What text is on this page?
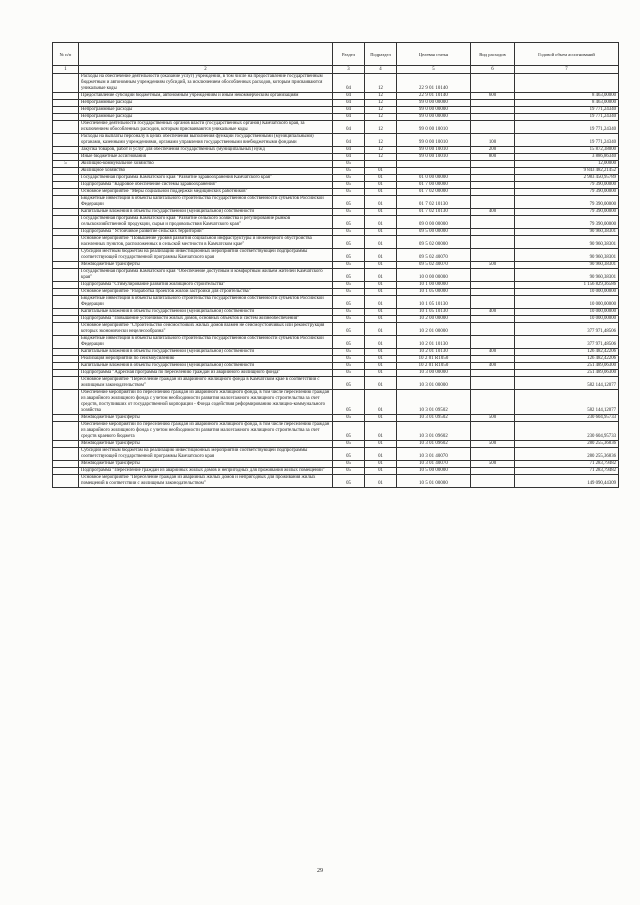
№ п/п		Раздел	Подраздел	Целевая статья	Вид расходов	Годовой объем ассигнований
1	2	3	4	5	6	7
	Расходы на обеспечение деятельности (оказание услуг) учреждений, в том числе на предоставление государственным бюджетным и автономным учреждениям субсидий, за исключением обособленных расходов, которым присваиваются уникальные коды	04	12	22 9 01 10140		
	Предоставление субсидий бюджетным, автономным учреждениям и иным некоммерческим организациям	04	12	22 9 01 10140	600	8 463,00000
	Непрограммные расходы	04	12	99 0 00 00000		8 463,00000
	Непрограммные расходы	04	12	99 0 00 00000		19 771,24340
	Непрограммные расходы	04	12	99 0 00 00000		19 771,24340
	Обеспечение деятельности государственных органов власти (государственных органов) Камчатского края, за исключением обособленных расходов, которым присваиваются уникальные коды	04	12	99 0 00 10010		19 771,24340
	Расходы на выплаты персоналу в целях обеспечения выполнения функций государственными (муниципальными) органами, казенными учреждениями, органами управления государственными внебюджетными фондами	04	12	99 0 00 10010	100	19 771,24340
	Закупка товаров, работ и услуг для обеспечения государственных (муниципальных) нужд	04	12	99 0 00 10010	200	15 872,38000
	Иные бюджетные ассигнования	04	12	99 0 00 10010	800	3 886,86340
5	Жилищно-коммунальное хозяйство	05				12,00000
	Жилищное хозяйство	05	01			9 843 482,21452
	Государственная программа Камчатского края "Развитие здравоохранения Камчатского края"	05	01	01 0 00 00000		2 983 450,95789
	Подпрограмма "Кадровое обеспечение системы здравоохранения"	05	01	01 7 00 00000		79 390,00000
	Основное мероприятие "Меры социальной поддержки медицинских работников"	05	01	01 7 02 00000		79 390,00000
	Бюджетные инвестиции в объекты капитального строительства государственной собственности субъектов Российской Федерации	05	01	01 7 02 10130		79 390,00000
	Капитальные вложения в объекты государственной (муниципальной) собственности	05	01	01 7 02 10130	400	79 390,00000
	Государственная программа Камчатского края "Развитие сельского хозяйства и регулирование рынков сельскохозяйственной продукции, сырья и продовольствия Камчатского края"	05	01	09 0 00 00000		79 390,00000
	Подпрограмма "Устойчивое развитие сельских территорий"	05	01	09 5 00 00000		90 960,38301
	Основное мероприятие "Повышение уровня развития социальной инфраструктуры и инженерного обустройства населенных пунктов, расположенных в сельской местности в Камчатском крае"	05	01	09 5 02 00000		90 960,38301
	Субсидии местным бюджетам на реализацию инвестиционных мероприятий соответствующей подпрограммы соответствующей государственной программы Камчатского края	05	01	09 5 02 40070		90 960,38301
	Межбюджетные трансферты	05	01	09 5 02 40070	500	90 960,38301
	Государственная программа Камчатского края "Обеспечение доступным и комфортным жильем жителей Камчатского края"	05	01	10 0 00 00000		90 960,38301
	Подпрограмма "Стимулирование развития жилищного строительства"	05	01	10 1 00 00000		1 156 829,36586
	Основное мероприятие "Разработка проектов жилой застройки для строительства"	05	01	10 1 05 00000		10 000,00000
	Бюджетные инвестиции в объекты капитального строительства государственной собственности субъектов Российской Федерации	05	01	10 1 05 10130		10 000,00000
	Капитальные вложения в объекты государственной (муниципальной) собственности	05	01	10 1 05 10130	400	10 000,00000
	Подпрограмма "Повышение устойчивости жилых домов, основных объектов и систем жизнеобеспечения"	05	01	10 2 00 00000		10 000,00000
	Основное мероприятие "Строительство сейсмостойких жилых домов взамен не сейсмоустойчивых или реконструкция которых экономически нецелесообразна"	05	01	10 2 01 00000		377 971,48506
	Бюджетные инвестиции в объекты капитального строительства государственной собственности субъектов Российской Федерации	05	01	10 2 01 10130		377 971,48506
	Капитальные вложения в объекты государственной (муниципальной) собственности	05	01	10 2 01 10130	400	126 482,42206
	Реализация мероприятий по сейсмоусилению	05	01	10 2 01 R1050		126 482,42206
	Капитальные вложения в объекты государственной (муниципальной) собственности	05	01	10 2 01 R1050	400	251 489,06300
	Подпрограмма "Адресная программа по переселению граждан из аварийного жилищного фонда"	05	01	10 3 00 00000		251 489,06300
	Основное мероприятие "Переселение граждан из аварийного жилищного фонда в Камчатском крае в соответствии с жилищным законодательством"	05	01	10 3 01 00000		582 144,12077
	Обеспечение мероприятий по переселению граждан из аварийного жилищного фонда, в том числе переселению граждан из аварийного жилищного фонда с учетом необходимости развития малоэтажного жилищного строительства за счет средств, поступивших от государственной корпорации - Фонда содействия реформированию жилищно-коммунального хозяйства	05	01	10 3 01 09502		582 144,12077
	Межбюджетные трансферты	05	01	10 3 01 09502	500	230 604,95733
	Обеспечение мероприятий по переселению граждан из аварийного жилищного фонда, в том числе переселению граждан из аварийного жилищного фонда с учетом необходимости развития малоэтажного жилищного строительства за счет средств краевого бюджета	05	01	10 3 01 09602		230 604,95733
	Межбюджетные трансферты	05	01	10 3 01 09602	500	280 255,36836
	Субсидии местным бюджетам на реализацию инвестиционных мероприятий соответствующей подпрограммы соответствующей государственной программы Камчатского края	05	01	10 3 01 40070		280 255,36836
	Межбюджетные трансферты	05	01	10 3 01 40070	500	71 283,79482
	Подпрограмма "Переселение граждан из аварийных жилых домов и непригодных для проживания жилых помещений"	05	01	10 5 00 00000		71 283,79482
	Основное мероприятие "Переселение граждан из аварийных жилых домов и непригодных для проживания жилых помещений в соответствии с жилищным законодательством"	05	01	10 5 01 00000		149 090,44309
29
